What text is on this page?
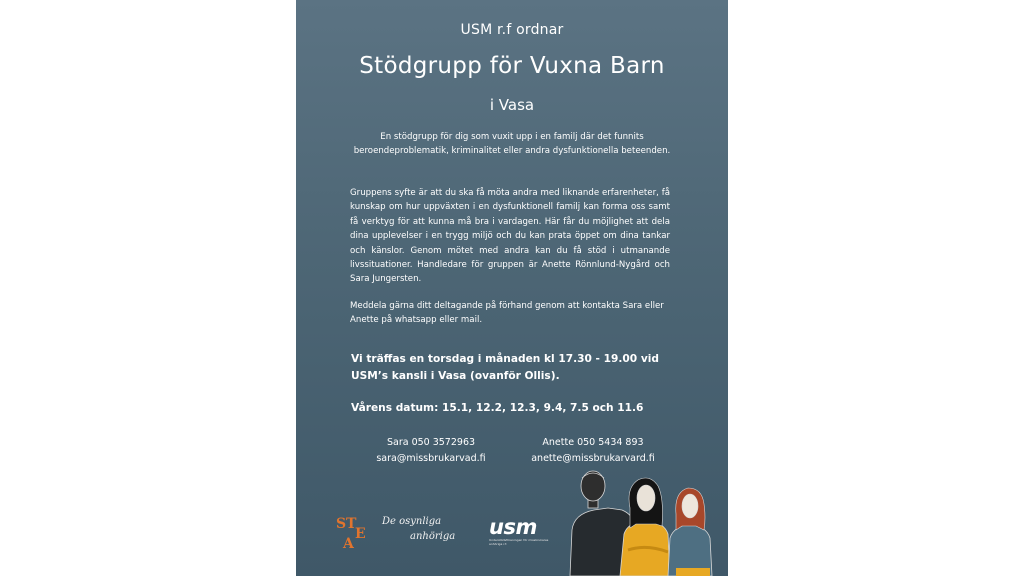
USM r.f ordnar
Stödgrupp för Vuxna Barn
i Vasa
En stödgrupp för dig som vuxit upp i en familj där det funnits beroendeproblematik, kriminalitet eller andra dysfunktionella beteenden.
Gruppens syfte är att du ska få möta andra med liknande erfarenheter, få kunskap om hur uppväxten i en dysfunktionell familj kan forma oss samt få verktyg för att kunna må bra i vardagen. Här får du möjlighet att dela dina upplevelser i en trygg miljö och du kan prata öppet om dina tankar och känslor. Genom mötet med andra kan du få stöd i utmanande livssituationer. Handledare för gruppen är Anette Rönnlund-Nygård och Sara Jungersten.
Meddela gärna ditt deltagande på förhand genom att kontakta Sara eller Anette på whatsapp eller mail.
Vi träffas en torsdag i månaden kl 17.30 - 19.00 vid USM’s kansli i Vasa (ovanför Ollis).
Vårens datum: 15.1, 12.2, 12.3, 9.4, 7.5 och 11.6
Sara 050 3572963
sara@missbrukarvad.fi
Anette 050 5434 893
anette@missbrukarvard.fi
S T
E
A
De osynliga
anhöriga	usm
Understödsföreningen för missbrukares anhöriga r.f.
